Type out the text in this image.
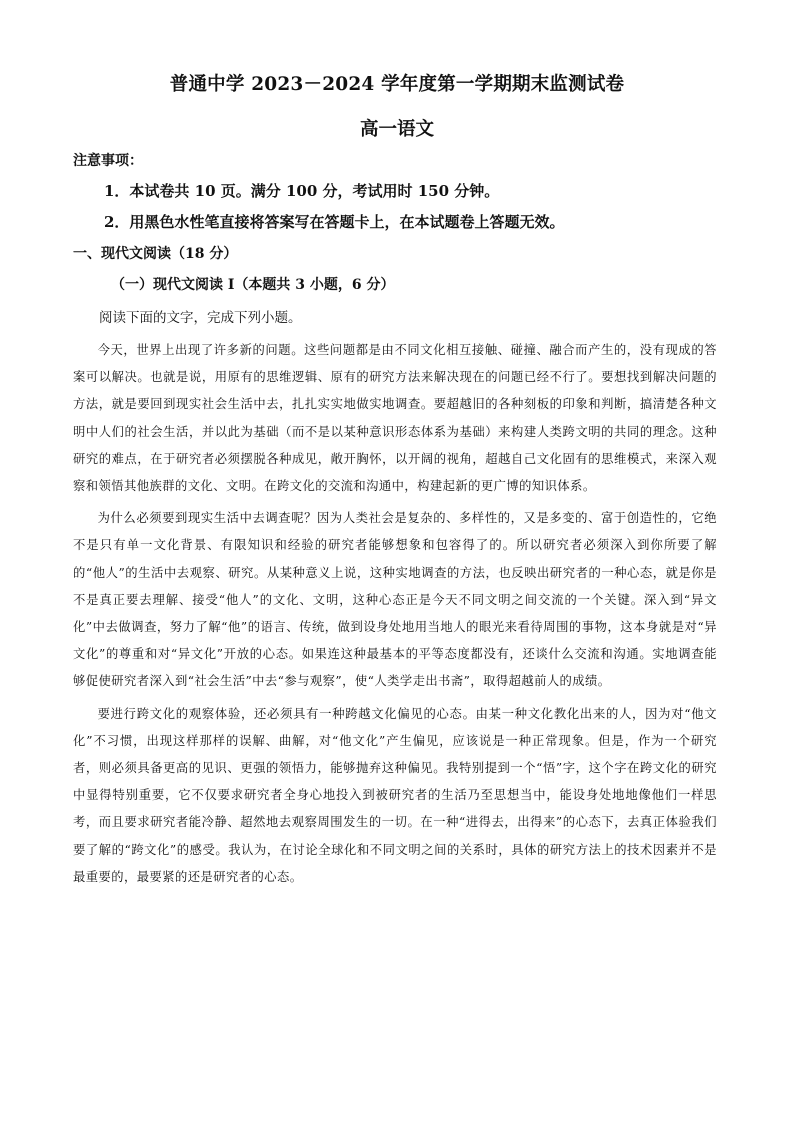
普通中学 2023－2024 学年度第一学期期末监测试卷
高一语文
注意事项：
1．本试卷共 10 页。满分 100 分，考试用时 150 分钟。
2．用黑色水性笔直接将答案写在答题卡上，在本试题卷上答题无效。
一、现代文阅读（18 分）
（一）现代文阅读 I（本题共 3 小题，6 分）
阅读下面的文字，完成下列小题。

今天，世界上出现了许多新的问题。这些问题都是由不同文化相互接触、碰撞、融合而产生的，没有现成的答案可以解决。也就是说，用原有的思维逻辑、原有的研究方法来解决现在的问题已经不行了。要想找到解决问题的方法，就是要回到现实社会生活中去，扎扎实实地做实地调查。要超越旧的各种刻板的印象和判断，搞清楚各种文明中人们的社会生活，并以此为基础（而不是以某种意识形态体系为基础）来构建人类跨文明的共同的理念。这种研究的难点，在于研究者必须摆脱各种成见，敞开胸怀，以开阔的视角，超越自己文化固有的思维模式，来深入观察和领悟其他族群的文化、文明。在跨文化的交流和沟通中，构建起新的更广博的知识体系。

为什么必须要到现实生活中去调查呢？因为人类社会是复杂的、多样性的，又是多变的、富于创造性的，它绝不是只有单一文化背景、有限知识和经验的研究者能够想象和包容得了的。所以研究者必须深入到你所要了解的“他人”的生活中去观察、研究。从某种意义上说，这种实地调查的方法，也反映出研究者的一种心态，就是你是不是真正要去理解、接受“他人”的文化、文明，这种心态正是今天不同文明之间交流的一个关键。深入到“异文化”中去做调查，努力了解“他”的语言、传统，做到设身处地用当地人的眼光来看待周围的事物，这本身就是对“异文化”的尊重和对“异文化”开放的心态。如果连这种最基本的平等态度都没有，还谈什么交流和沟通。实地调查能够促使研究者深入到“社会生活”中去“参与观察”，使“人类学走出书斋”，取得超越前人的成绩。

要进行跨文化的观察体验，还必须具有一种跨越文化偏见的心态。由某一种文化教化出来的人，因为对“他文化”不习惯，出现这样那样的误解、曲解，对“他文化”产生偏见，应该说是一种正常现象。但是，作为一个研究者，则必须具备更高的见识、更强的领悟力，能够抛弃这种偏见。我特别提到一个“悟”字，这个字在跨文化的研究中显得特别重要，它不仅要求研究者全身心地投入到被研究者的生活乃至思想当中，能设身处地地像他们一样思考，而且要求研究者能冷静、超然地去观察周围发生的一切。在一种“进得去，出得来”的心态下，去真正体验我们要了解的“跨文化”的感受。我认为，在讨论全球化和不同文明之间的关系时，具体的研究方法上的技术因素并不是最重要的，最要紧的还是研究者的心态。
